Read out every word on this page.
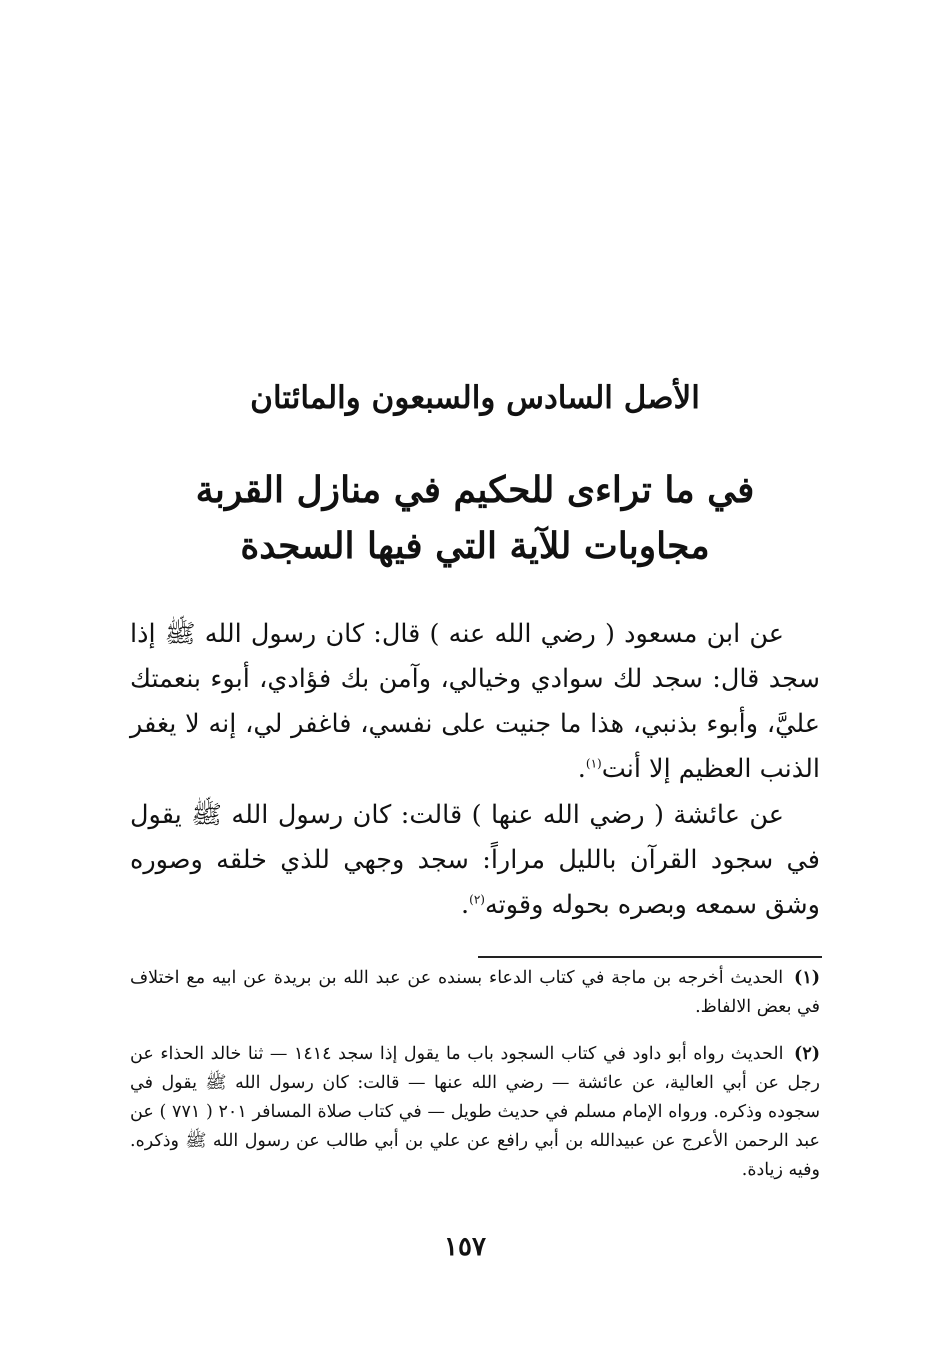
الأصل السادس والسبعون والمائتان
في ما تراءى للحكيم في منازل القربة مجاوبات للآية التي فيها السجدة

عن ابن مسعود ( رضي الله عنه ) قال: كان رسول الله ﷺ إذا سجد قال: سجد لك سوادي وخيالي، وآمن بك فؤادي، أبوء بنعمتك عليَّ، وأبوء بذنبي، هذا ما جنيت على نفسي، فاغفر لي، إنه لا يغفر الذنب العظيم إلا أنت$^{(١)}$.

عن عائشة ( رضي الله عنها ) قالت: كان رسول الله ﷺ يقول في سجود القرآن بالليل مراراً: سجد وجهي للذي خلقه وصوره وشق سمعه وبصره بحوله وقوته$^{(٢)}$.

(١) الحديث أخرجه بن ماجة في كتاب الدعاء بسنده عن عبد الله بن بريدة عن ابيه مع اختلاف في بعض الالفاظ.

(٢) الحديث رواه أبو داود في كتاب السجود باب ما يقول إذا سجد ١٤١٤ — ثنا خالد الحذاء عن رجل عن أبي العالية، عن عائشة — رضي الله عنها — قالت: كان رسول الله ﷺ يقول في سجوده وذكره. ورواه الإمام مسلم في حديث طويل — في كتاب صلاة المسافر ٢٠١ ( ٧٧١ ) عن عبد الرحمن الأعرج عن عبيدالله بن أبي رافع عن علي بن أبي طالب عن رسول الله ﷺ وذكره. وفيه زيادة.

١٥٧
